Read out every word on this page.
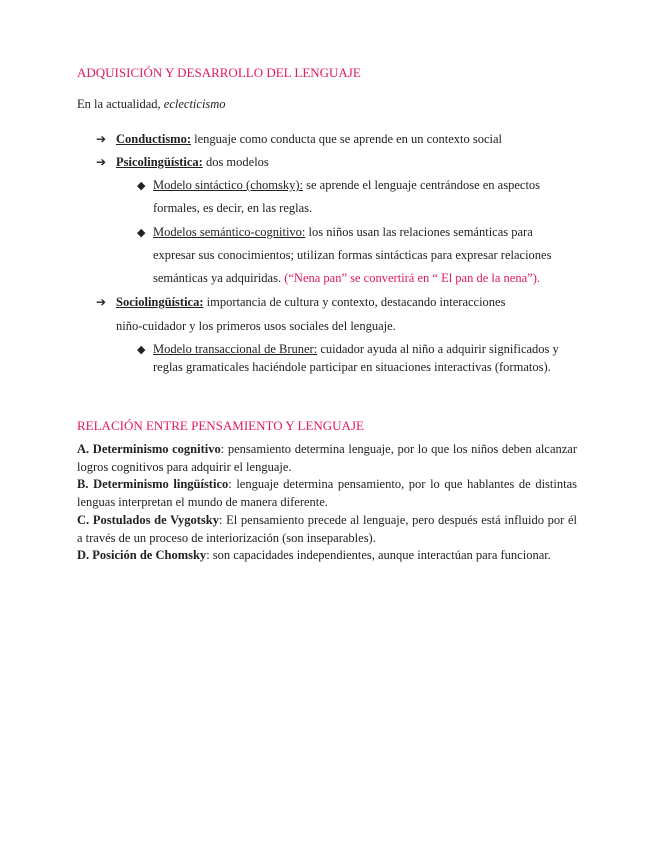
ADQUISICIÓN Y DESARROLLO DEL LENGUAJE
En la actualidad, eclecticismo
➔ Conductismo: lenguaje como conducta que se aprende en un contexto social
➔ Psicolingüística: dos modelos
◆ Modelo sintáctico (chomsky): se aprende el lenguaje centrándose en aspectos
formales, es decir, en las reglas.
◆ Modelos semántico-cognitivo: los niños usan las relaciones semánticas para
expresar sus conocimientos; utilizan formas sintácticas para expresar relaciones
semánticas ya adquiridas. (“Nena pan” se convertirá en “ El pan de la nena”).
➔ Sociolingüística: importancia de cultura y contexto, destacando interacciones
niño-cuidador y los primeros usos sociales del lenguaje.
◆ Modelo transaccional de Bruner: cuidador ayuda al niño a adquirir significados y
reglas gramaticales haciéndole participar en situaciones interactivas (formatos).
RELACIÓN ENTRE PENSAMIENTO Y LENGUAJE
A. Determinismo cognitivo: pensamiento determina lenguaje, por lo que los niños deben alcanzar logros cognitivos para adquirir el lenguaje.
B. Determinismo lingüístico: lenguaje determina pensamiento, por lo que hablantes de distintas lenguas interpretan el mundo de manera diferente.
C. Postulados de Vygotsky: El pensamiento precede al lenguaje, pero después está influido por él a través de un proceso de interiorización (son inseparables).
D. Posición de Chomsky: son capacidades independientes, aunque interactúan para funcionar.
